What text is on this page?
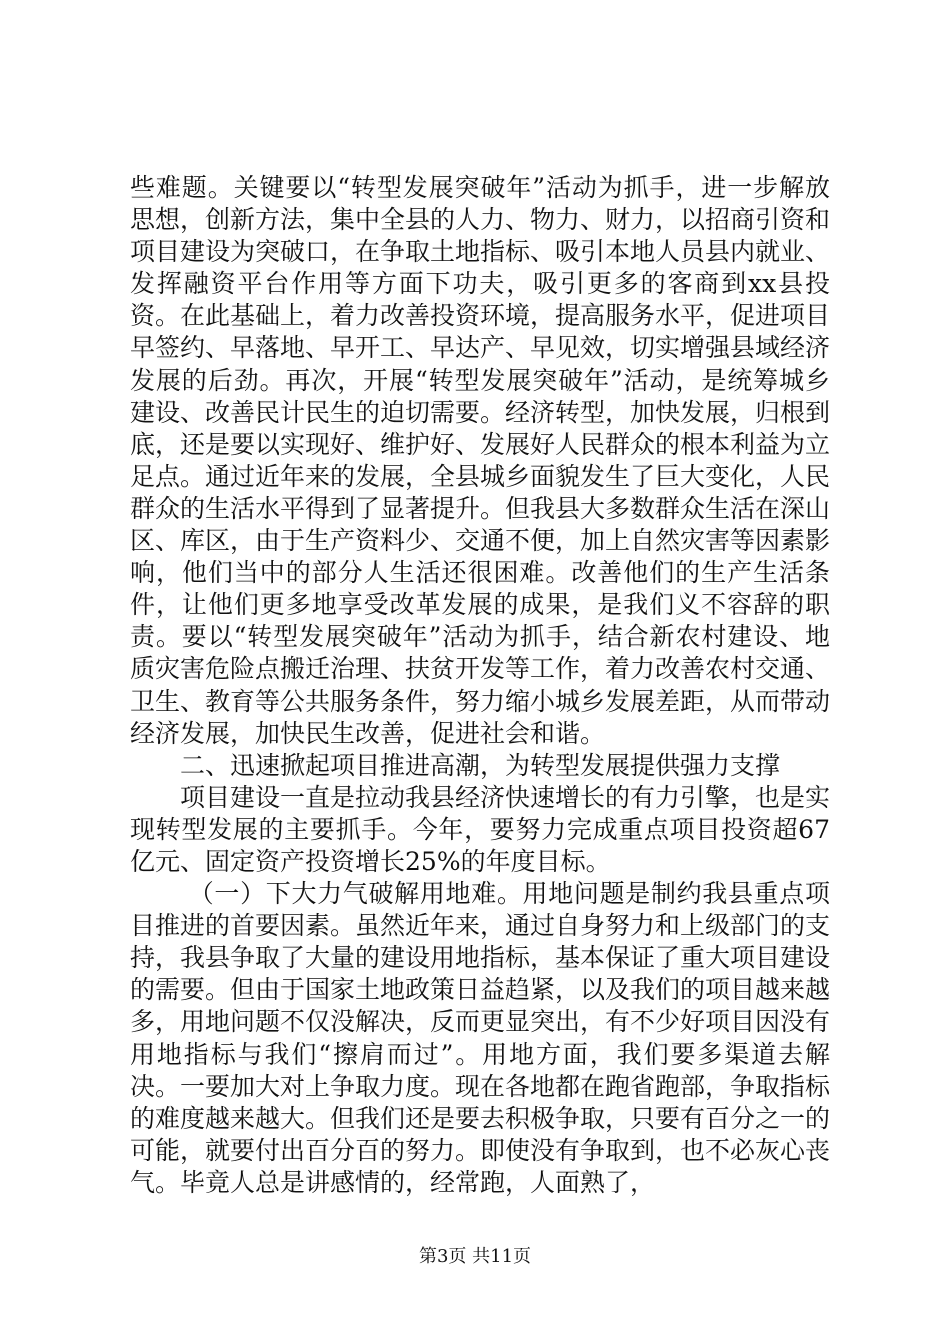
些难题。关键要以“转型发展突破年”活动为抓手，进一步解放思想，创新方法，集中全县的人力、物力、财力，以招商引资和项目建设为突破口，在争取土地指标、吸引本地人员县内就业、发挥融资平台作用等方面下功夫，吸引更多的客商到xx县投资。在此基础上，着力改善投资环境，提高服务水平，促进项目早签约、早落地、早开工、早达产、早见效，切实增强县域经济发展的后劲。再次，开展“转型发展突破年”活动，是统筹城乡建设、改善民计民生的迫切需要。经济转型，加快发展，归根到底，还是要以实现好、维护好、发展好人民群众的根本利益为立足点。通过近年来的发展，全县城乡面貌发生了巨大变化，人民群众的生活水平得到了显著提升。但我县大多数群众生活在深山区、库区，由于生产资料少、交通不便，加上自然灾害等因素影响，他们当中的部分人生活还很困难。改善他们的生产生活条件，让他们更多地享受改革发展的成果，是我们义不容辞的职责。要以“转型发展突破年”活动为抓手，结合新农村建设、地质灾害危险点搬迁治理、扶贫开发等工作，着力改善农村交通、卫生、教育等公共服务条件，努力缩小城乡发展差距，从而带动经济发展，加快民生改善，促进社会和谐。

二、迅速掀起项目推进高潮，为转型发展提供强力支撑

项目建设一直是拉动我县经济快速增长的有力引擎，也是实现转型发展的主要抓手。今年，要努力完成重点项目投资超67亿元、固定资产投资增长25%的年度目标。

（一）下大力气破解用地难。用地问题是制约我县重点项目推进的首要因素。虽然近年来，通过自身努力和上级部门的支持，我县争取了大量的建设用地指标，基本保证了重大项目建设的需要。但由于国家土地政策日益趋紧，以及我们的项目越来越多，用地问题不仅没解决，反而更显突出，有不少好项目因没有用地指标与我们“擦肩而过”。用地方面，我们要多渠道去解决。一要加大对上争取力度。现在各地都在跑省跑部，争取指标的难度越来越大。但我们还是要去积极争取，只要有百分之一的可能，就要付出百分百的努力。即使没有争取到，也不必灰心丧气。毕竟人总是讲感情的，经常跑，人面熟了，

第3页 共11页
